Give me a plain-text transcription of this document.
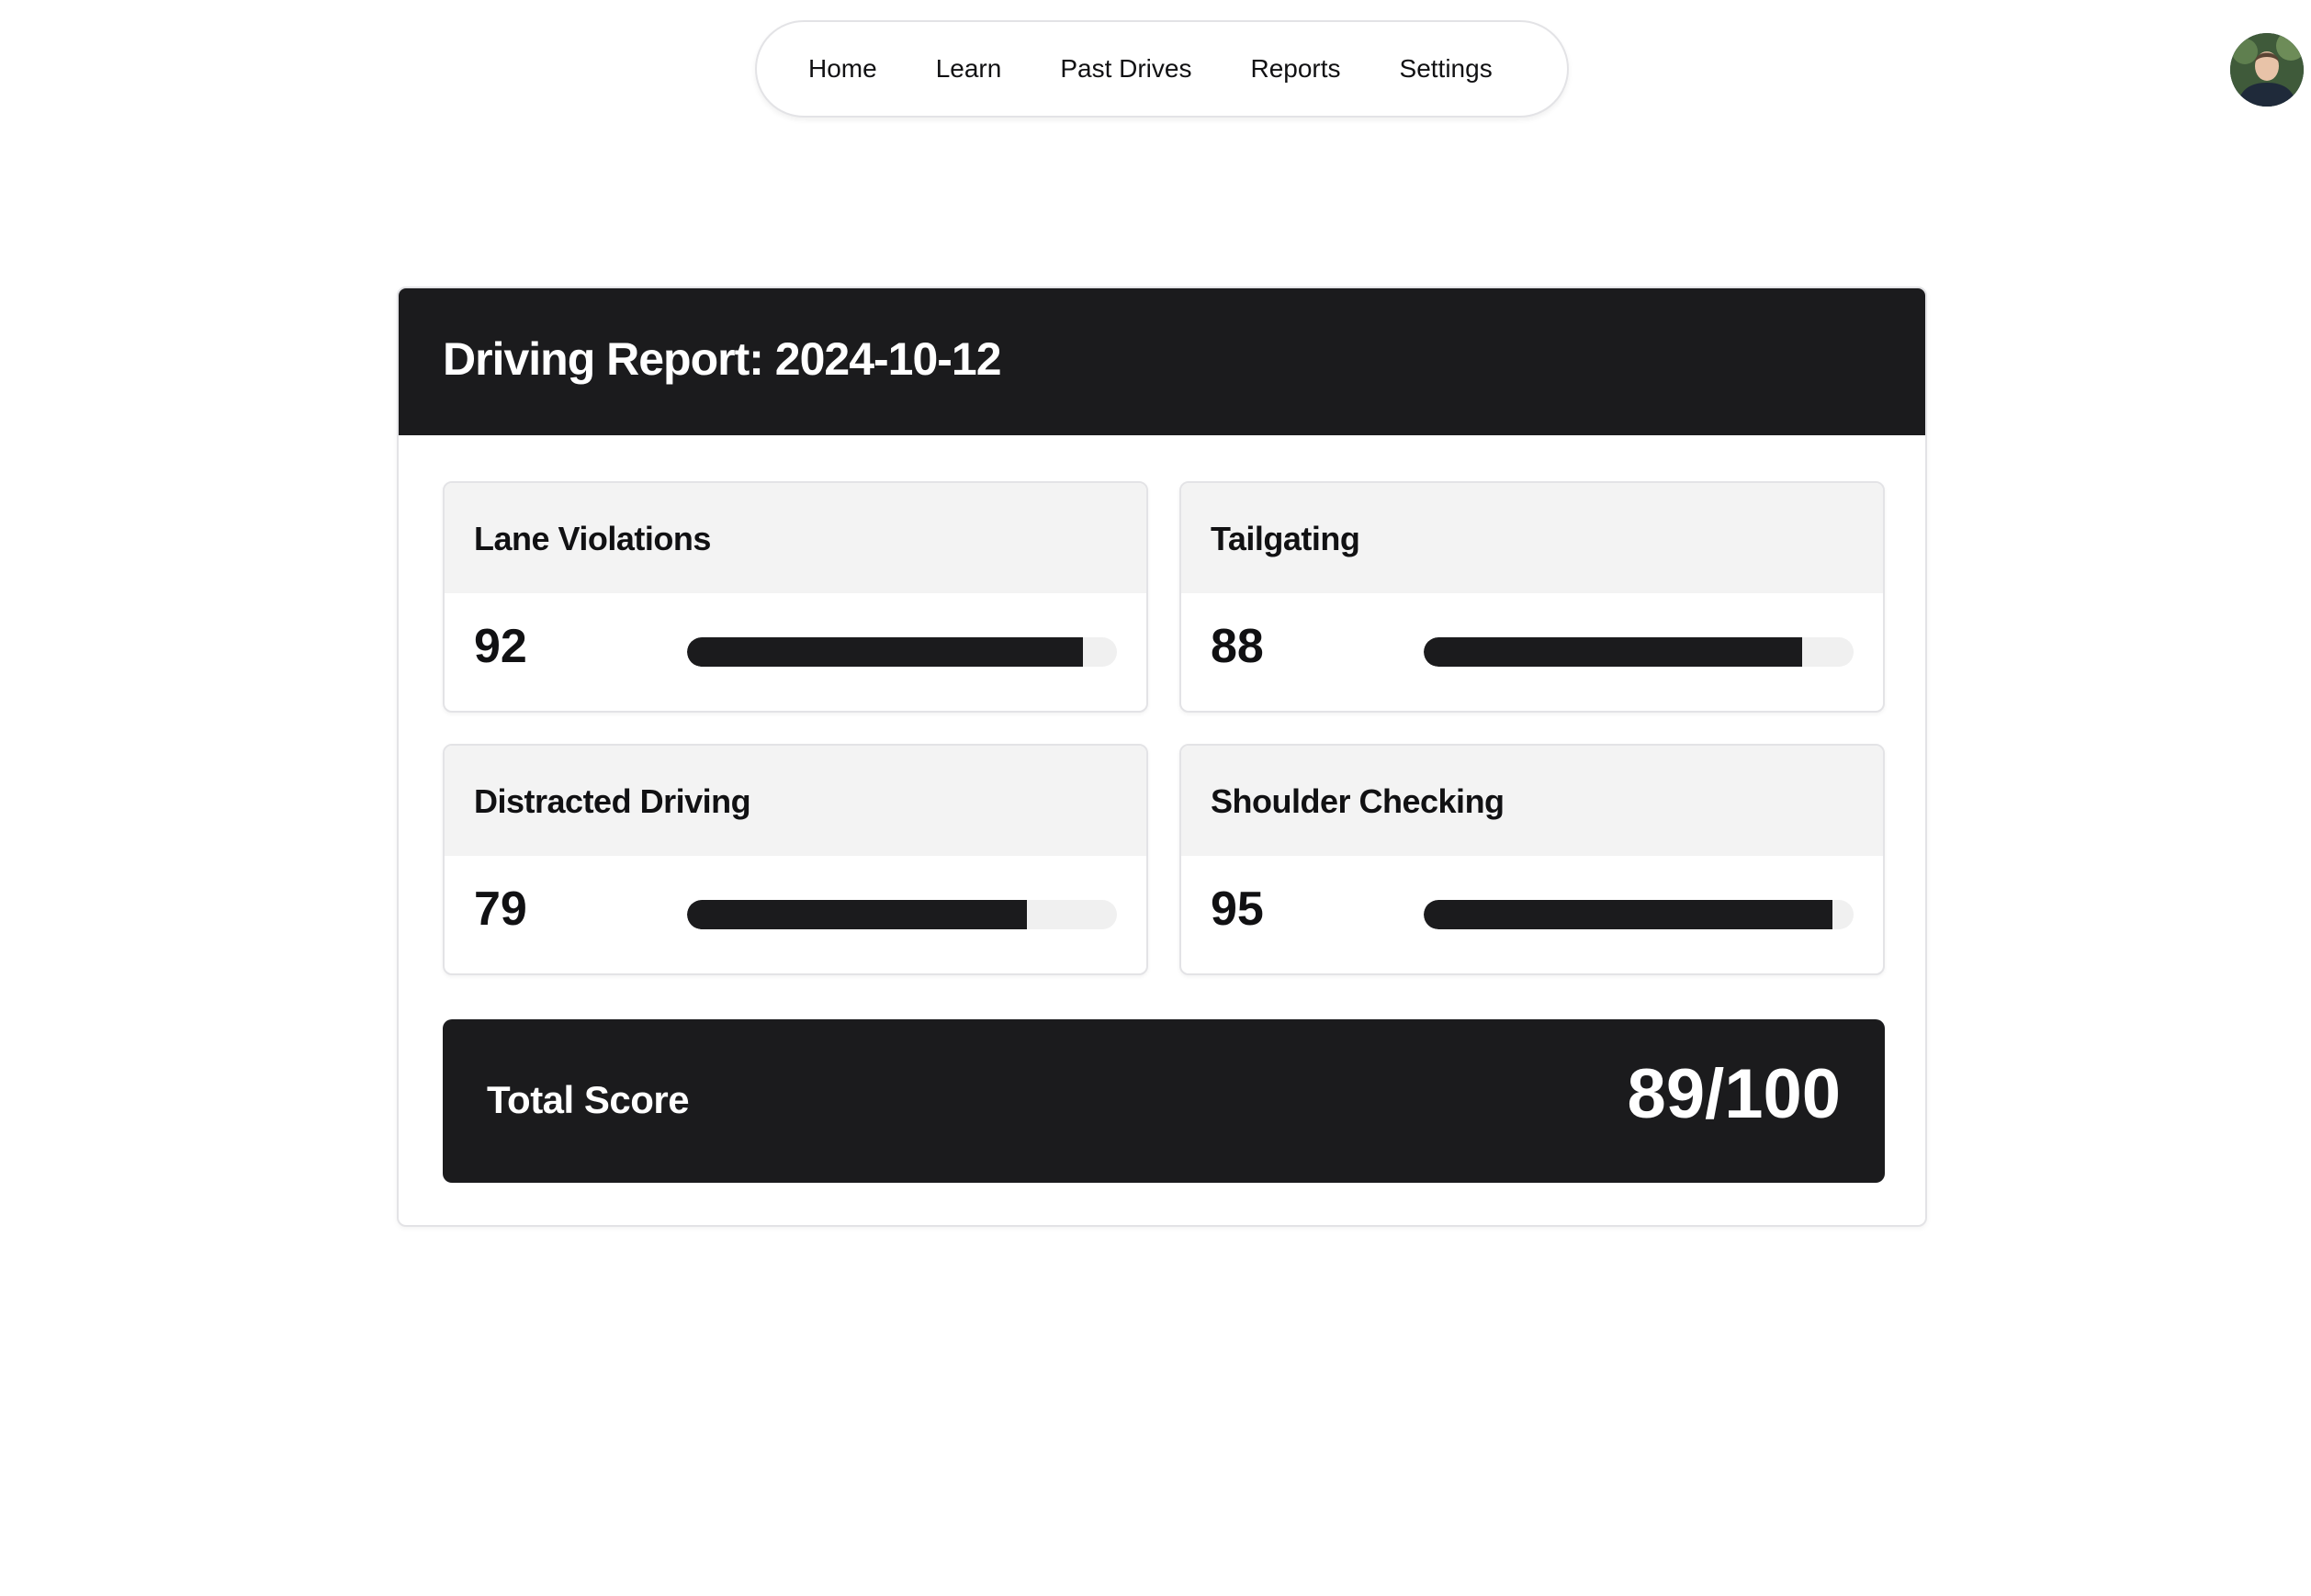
Home Learn Past Drives Reports Settings
Driving Report: 2024-10-12
Lane Violations
92
Tailgating
88
Distracted Driving
79
Shoulder Checking
95
Total Score	89/100
